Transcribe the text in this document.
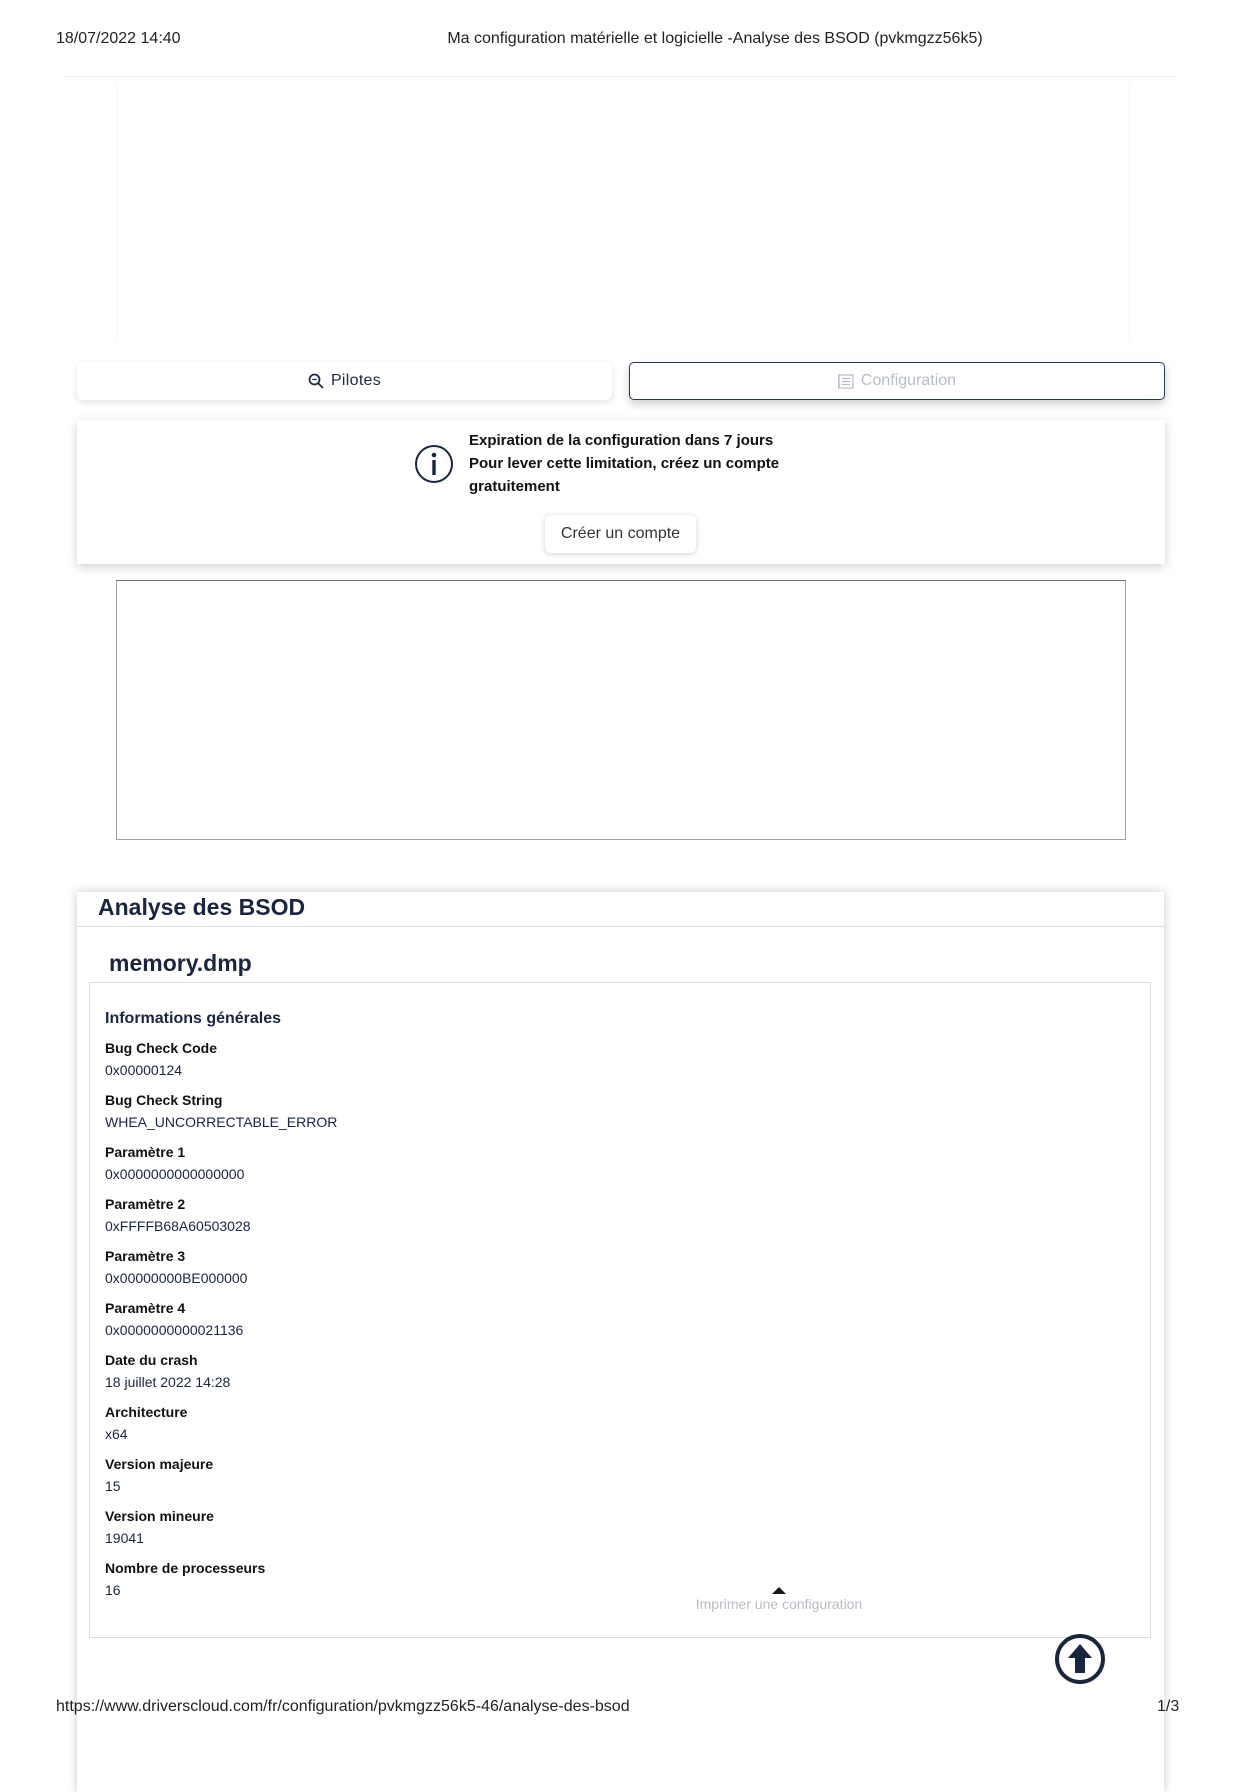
18/07/2022 14:40	Ma configuration matérielle et logicielle -Analyse des BSOD (pvkmgzz56k5)
Pilotes	Configuration
Expiration de la configuration dans 7 jours
Pour lever cette limitation, créez un compte
gratuitement
Créer un compte
Analyse des BSOD
memory.dmp
Informations générales
Bug Check Code
0x00000124
Bug Check String
WHEA_UNCORRECTABLE_ERROR
Paramètre 1
0x0000000000000000
Paramètre 2
0xFFFFB68A60503028
Paramètre 3
0x00000000BE000000
Paramètre 4
0x0000000000021136
Date du crash
18 juillet 2022 14:28
Architecture
x64
Version majeure
15
Version mineure
19041
Nombre de processeurs
16
Imprimer une configuration
https://www.driverscloud.com/fr/configuration/pvkmgzz56k5-46/analyse-des-bsod	1/3
